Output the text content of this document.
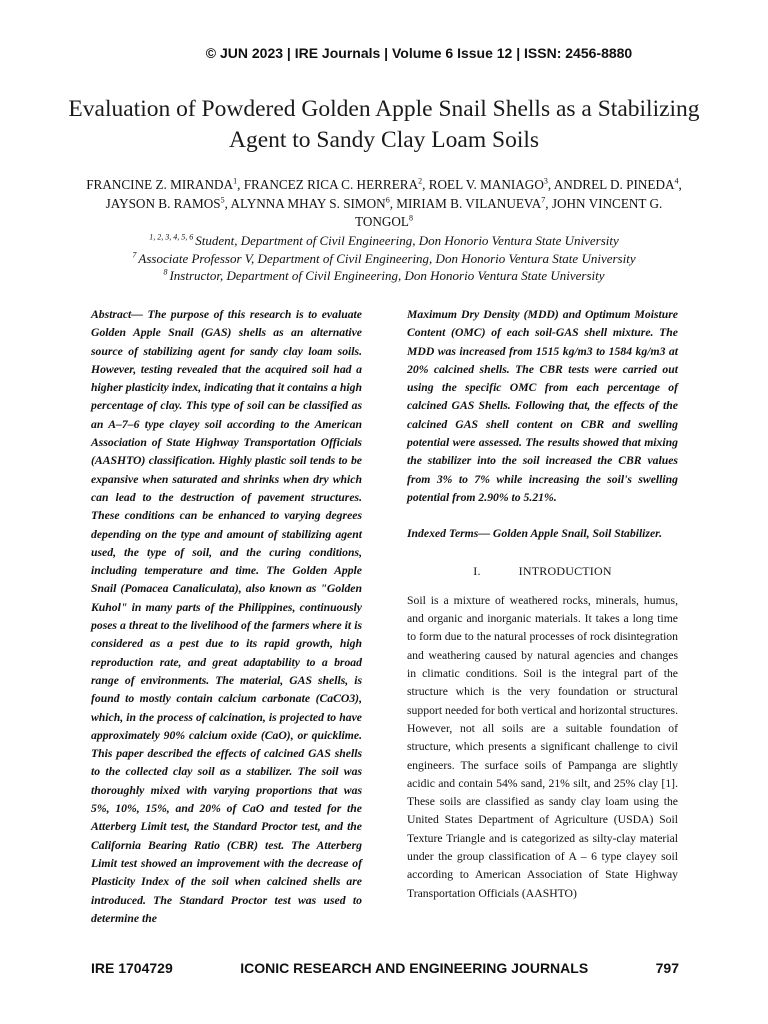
© JUN 2023 | IRE Journals | Volume 6 Issue 12 | ISSN: 2456-8880
Evaluation of Powdered Golden Apple Snail Shells as a Stabilizing Agent to Sandy Clay Loam Soils
FRANCINE Z. MIRANDA$^1$, FRANCEZ RICA C. HERRERA$^2$, ROEL V. MANIAGO$^3$, ANDREL D. PINEDA$^4$, JAYSON B. RAMOS$^5$, ALYNNA MHAY S. SIMON$^6$, MIRIAM B. VILANUEVA$^7$, JOHN VINCENT G. TONGOL$^8$
$^{1, 2, 3, 4, 5, 6}$ Student, Department of Civil Engineering, Don Honorio Ventura State University
$^7$ Associate Professor V, Department of Civil Engineering, Don Honorio Ventura State University
$^8$ Instructor, Department of Civil Engineering, Don Honorio Ventura State University

Abstract— The purpose of this research is to evaluate Golden Apple Snail (GAS) shells as an alternative source of stabilizing agent for sandy clay loam soils. However, testing revealed that the acquired soil had a higher plasticity index, indicating that it contains a high percentage of clay. This type of soil can be classified as an A–7–6 type clayey soil according to the American Association of State Highway Transportation Officials (AASHTO) classification. Highly plastic soil tends to be expansive when saturated and shrinks when dry which can lead to the destruction of pavement structures. These conditions can be enhanced to varying degrees depending on the type and amount of stabilizing agent used, the type of soil, and the curing conditions, including temperature and time. The Golden Apple Snail (Pomacea Canaliculata), also known as "Golden Kuhol" in many parts of the Philippines, continuously poses a threat to the livelihood of the farmers where it is considered as a pest due to its rapid growth, high reproduction rate, and great adaptability to a broad range of environments. The material, GAS shells, is found to mostly contain calcium carbonate (CaCO3), which, in the process of calcination, is projected to have approximately 90% calcium oxide (CaO), or quicklime. This paper described the effects of calcined GAS shells to the collected clay soil as a stabilizer. The soil was thoroughly mixed with varying proportions that was 5%, 10%, 15%, and 20% of CaO and tested for the Atterberg Limit test, the Standard Proctor test, and the California Bearing Ratio (CBR) test. The Atterberg Limit test showed an improvement with the decrease of Plasticity Index of the soil when calcined shells are introduced. The Standard Proctor test was used to determine the

Maximum Dry Density (MDD) and Optimum Moisture Content (OMC) of each soil-GAS shell mixture. The MDD was increased from 1515 kg/m3 to 1584 kg/m3 at 20% calcined shells. The CBR tests were carried out using the specific OMC from each percentage of calcined GAS Shells. Following that, the effects of the calcined GAS shell content on CBR and swelling potential were assessed. The results showed that mixing the stabilizer into the soil increased the CBR values from 3% to 7% while increasing the soil's swelling potential from 2.90% to 5.21%.

Indexed Terms— Golden Apple Snail, Soil Stabilizer.

I.	INTRODUCTION

Soil is a mixture of weathered rocks, minerals, humus, and organic and inorganic materials. It takes a long time to form due to the natural processes of rock disintegration and weathering caused by natural agencies and changes in climatic conditions. Soil is the integral part of the structure which is the very foundation or structural support needed for both vertical and horizontal structures. However, not all soils are a suitable foundation of structure, which presents a significant challenge to civil engineers. The surface soils of Pampanga are slightly acidic and contain 54% sand, 21% silt, and 25% clay [1]. These soils are classified as sandy clay loam using the United States Department of Agriculture (USDA) Soil Texture Triangle and is categorized as silty-clay material under the group classification of A – 6 type clayey soil according to American Association of State Highway Transportation Officials (AASHTO)

IRE 1704729	ICONIC RESEARCH AND ENGINEERING JOURNALS	797
